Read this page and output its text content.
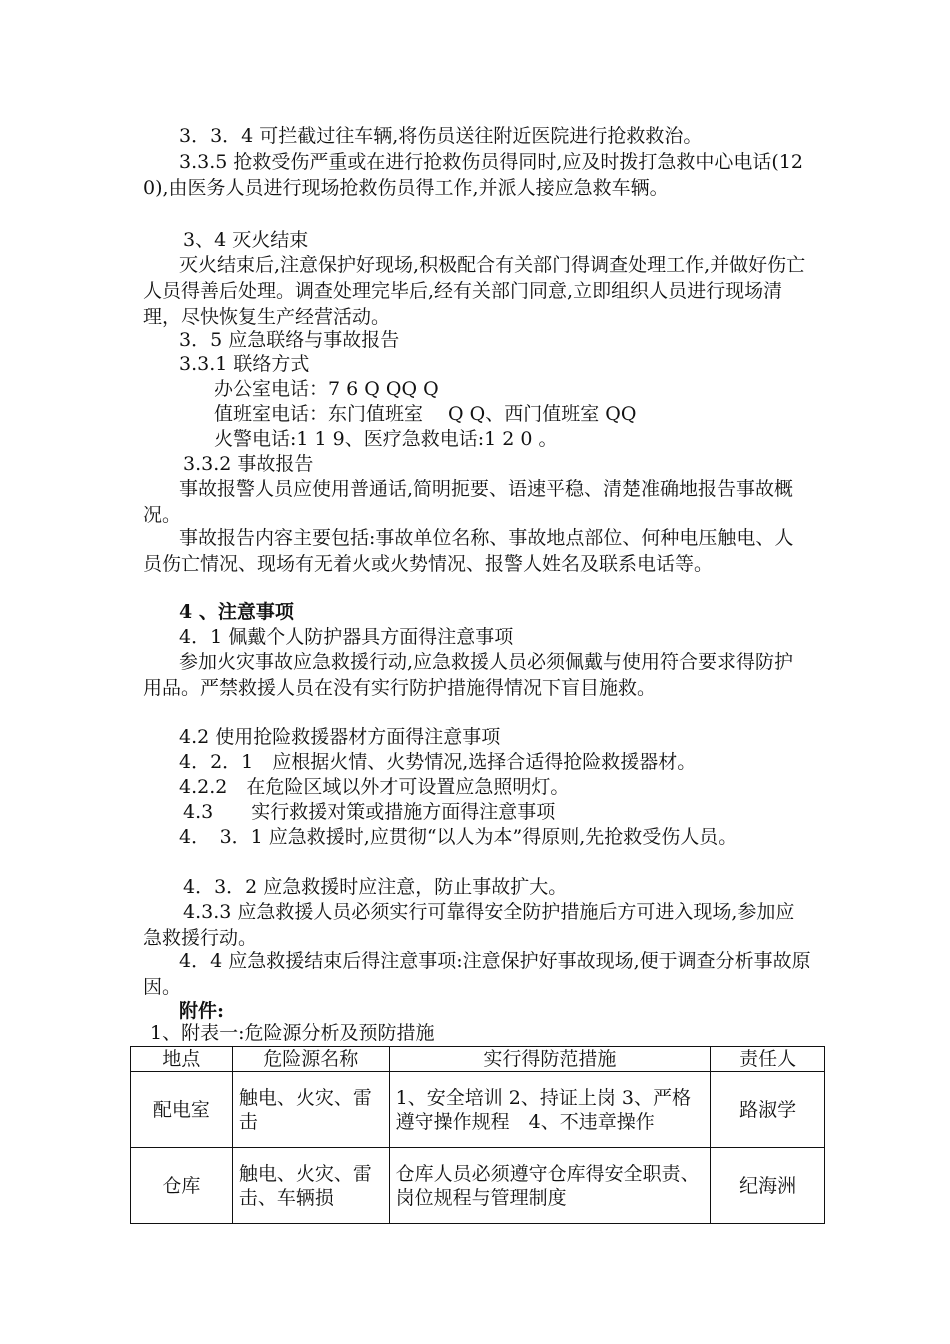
3．3．4 可拦截过往车辆,将伤员送往附近医院进行抢救救治。

3.3.5 抢救受伤严重或在进行抢救伤员得同时,应及时拨打急救中心电话(120),由医务人员进行现场抢救伤员得工作,并派人接应急救车辆。

3、4 灭火结束

灭火结束后,注意保护好现场,积极配合有关部门得调查处理工作,并做好伤亡人员得善后处理。调查处理完毕后,经有关部门同意,立即组织人员进行现场清理，尽快恢复生产经营活动。

3．5 应急联络与事故报告

3.3.1 联络方式

办公室电话：7 6 Q QQ Q

值班室电话：东门值班室　 Q Q、西门值班室 QQ

火警电话:1 1 9、医疗急救电话:1 2 0 。

3.3.2 事故报告

事故报警人员应使用普通话,简明扼要、语速平稳、清楚准确地报告事故概况。

事故报告内容主要包括:事故单位名称、事故地点部位、何种电压触电、人员伤亡情况、现场有无着火或火势情况、报警人姓名及联系电话等。

4 、注意事项

4．1 佩戴个人防护器具方面得注意事项

参加火灾事故应急救援行动,应急救援人员必须佩戴与使用符合要求得防护用品。严禁救援人员在没有实行防护措施得情况下盲目施救。

4.2 使用抢险救援器材方面得注意事项

4．2．1　应根据火情、火势情况,选择合适得抢险救援器材。

4.2.2　在危险区域以外才可设置应急照明灯。

4.3　　实行救援对策或措施方面得注意事项

4．　3．1 应急救援时,应贯彻“以人为本”得原则,先抢救受伤人员。

4．3．2 应急救援时应注意，防止事故扩大。

4.3.3 应急救援人员必须实行可靠得安全防护措施后方可进入现场,参加应急救援行动。

4．4 应急救援结束后得注意事项:注意保护好事故现场,便于调查分析事故原因。

附件:

1、附表一:危险源分析及预防措施

地点	危险源名称	实行得防范措施	责任人
配电室	触电、火灾、雷击	1、安全培训 2、持证上岗 3、严格遵守操作规程　4、不违章操作	路淑学
仓库	触电、火灾、雷击、车辆损	仓库人员必须遵守仓库得安全职责、岗位规程与管理制度	纪海洲
